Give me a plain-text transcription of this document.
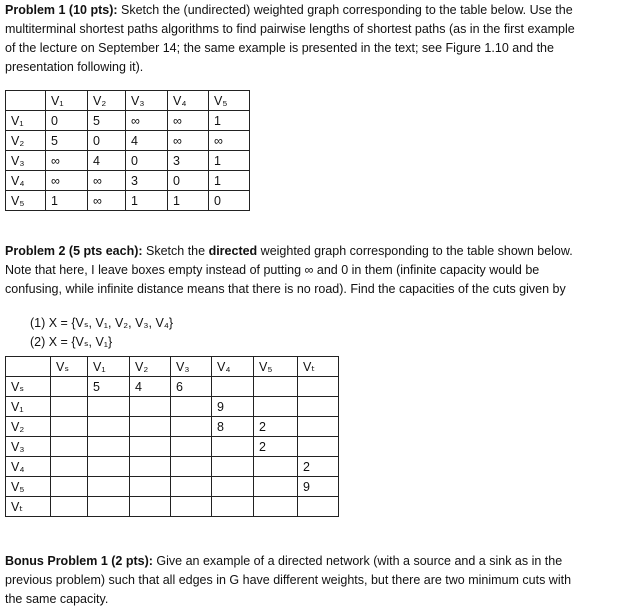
Problem 1 (10 pts): Sketch the (undirected) weighted graph corresponding to the table below. Use the
multiterminal shortest paths algorithms to find pairwise lengths of shortest paths (as in the first example
of the lecture on September 14; the same example is presented in the text; see Figure 1.10 and the
presentation following it).
	V₁	V₂	V₃	V₄	V₅
V₁	0	5	∞	∞	1
V₂	5	0	4	∞	∞
V₃	∞	4	0	3	1
V₄	∞	∞	3	0	1
V₅	1	∞	1	1	0
Problem 2 (5 pts each): Sketch the directed weighted graph corresponding to the table shown below.
Note that here, I leave boxes empty instead of putting ∞ and 0 in them (infinite capacity would be
confusing, while infinite distance means that there is no road). Find the capacities of the cuts given by
(1) X = {Vₛ, V₁, V₂, V₃, V₄}
(2) X = {Vₛ, V₁}
	Vₛ	V₁	V₂	V₃	V₄	V₅	Vₜ
Vₛ		5	4	6			
V₁					9		
V₂					8	2	
V₃						2	
V₄							2
V₅							9
Vₜ							
Bonus Problem 1 (2 pts): Give an example of a directed network (with a source and a sink as in the
previous problem) such that all edges in G have different weights, but there are two minimum cuts with
the same capacity.
